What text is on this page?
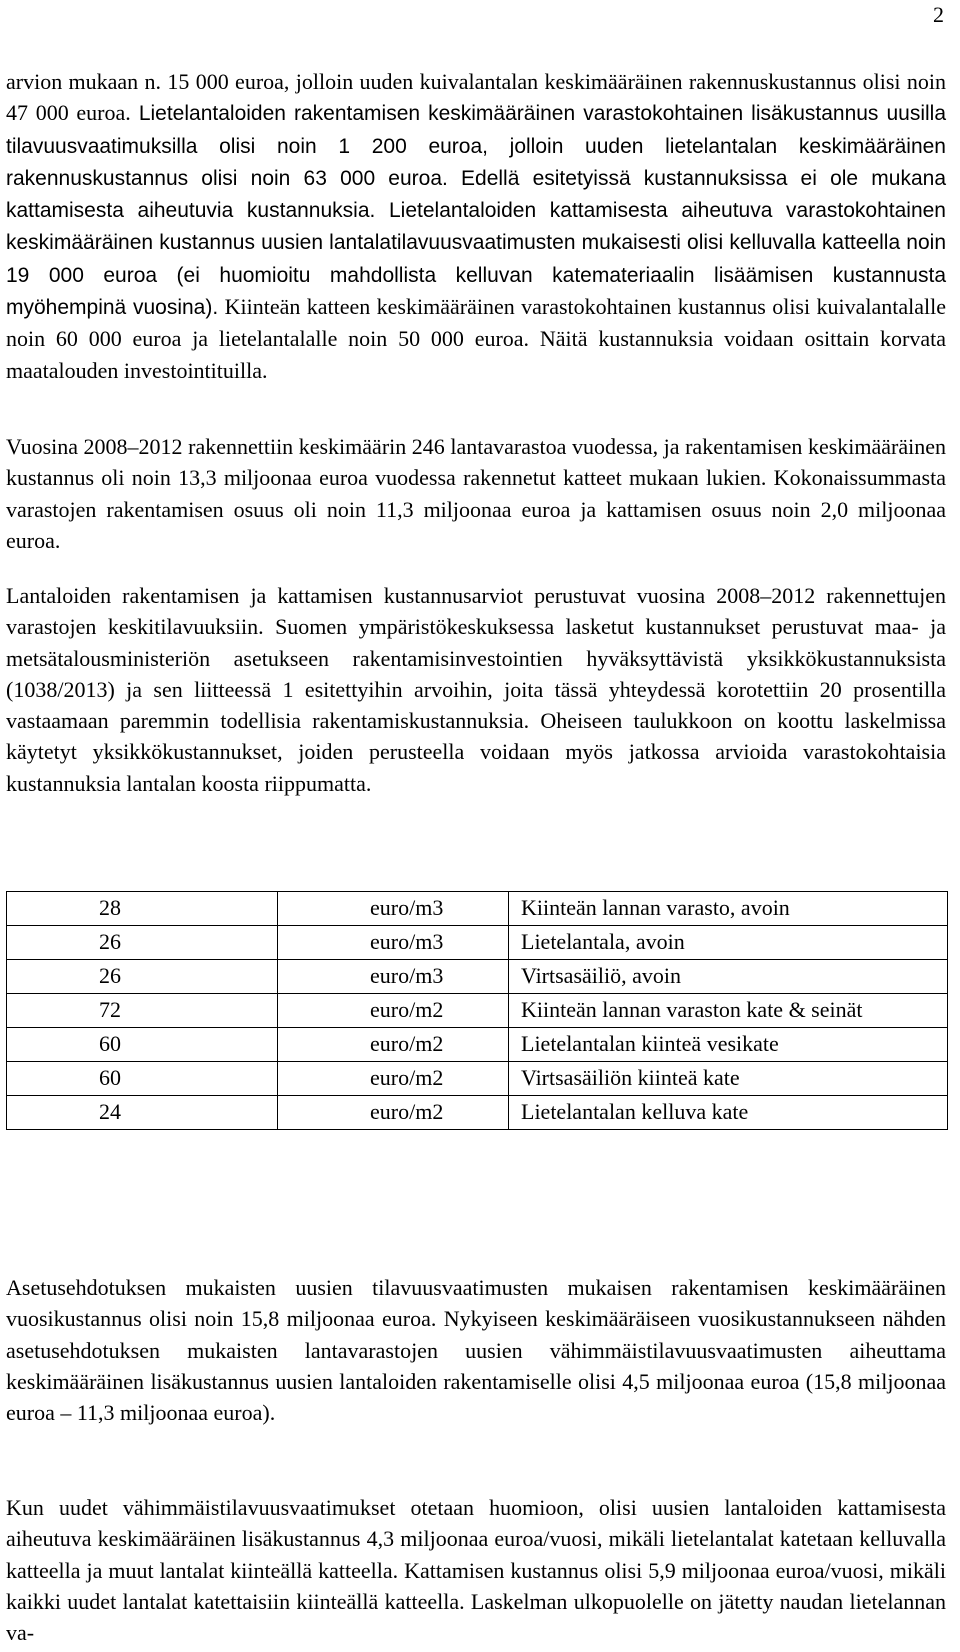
2

arvion mukaan n. 15 000 euroa, jolloin uuden kuivalantalan keskimääräinen rakennuskustannus olisi noin 47 000 euroa. Lietelantaloiden rakentamisen keskimääräinen varastokohtainen lisäkustannus uusilla tilavuusvaatimuksilla olisi noin 1 200 euroa, jolloin uuden lietelantalan keskimääräinen rakennuskustannus olisi noin 63 000 euroa. Edellä esitetyissä kustannuksissa ei ole mukana kattamisesta aiheutuvia kustannuksia. Lietelantaloiden kattamisesta aiheutuva varastokohtainen keskimääräinen kustannus uusien lantalatilavuusvaatimusten mukaisesti olisi kelluvalla katteella noin 19 000 euroa (ei huomioitu mahdollista kelluvan katemateriaalin lisäämisen kustannusta myöhempinä vuosina). Kiinteän katteen keskimääräinen varastokohtainen kustannus olisi kuivalantalalle noin 60 000 euroa ja lietelantalalle noin 50 000 euroa. Näitä kustannuksia voidaan osittain korvata maatalouden investointituilla.

Vuosina 2008–2012 rakennettiin keskimäärin 246 lantavarastoa vuodessa, ja rakentamisen keskimääräinen kustannus oli noin 13,3 miljoonaa euroa vuodessa rakennetut katteet mukaan lukien. Kokonaissummasta varastojen rakentamisen osuus oli noin 11,3 miljoonaa euroa ja kattamisen osuus noin 2,0 miljoonaa euroa.

Lantaloiden rakentamisen ja kattamisen kustannusarviot perustuvat vuosina 2008–2012 rakennettujen varastojen keskitilavuuksiin. Suomen ympäristökeskuksessa lasketut kustannukset perustuvat maa- ja metsätalousministeriön asetukseen rakentamisinvestointien hyväksyttävistä yksikkökustannuksista (1038/2013) ja sen liitteessä 1 esitettyihin arvoihin, joita tässä yhteydessä korotettiin 20 prosentilla vastaamaan paremmin todellisia rakentamiskustannuksia. Oheiseen taulukkoon on koottu laskelmissa käytetyt yksikkökustannukset, joiden perusteella voidaan myös jatkossa arvioida varastokohtaisia kustannuksia lantalan koosta riippumatta.

28	euro/m3	Kiinteän lannan varasto, avoin
26	euro/m3	Lietelantala, avoin
26	euro/m3	Virtsasäiliö, avoin
72	euro/m2	Kiinteän lannan varaston kate & seinät
60	euro/m2	Lietelantalan kiinteä vesikate
60	euro/m2	Virtsasäiliön kiinteä kate
24	euro/m2	Lietelantalan kelluva kate

Asetusehdotuksen mukaisten uusien tilavuusvaatimusten mukaisen rakentamisen keskimääräinen vuosikustannus olisi noin 15,8 miljoonaa euroa. Nykyiseen keskimääräiseen vuosikustannukseen nähden asetusehdotuksen mukaisten lantavarastojen uusien vähimmäistilavuusvaatimusten aiheuttama keskimääräinen lisäkustannus uusien lantaloiden rakentamiselle olisi 4,5 miljoonaa euroa (15,8 miljoonaa euroa – 11,3 miljoonaa euroa).

Kun uudet vähimmäistilavuusvaatimukset otetaan huomioon, olisi uusien lantaloiden kattamisesta aiheutuva keskimääräinen lisäkustannus 4,3 miljoonaa euroa/vuosi, mikäli lietelantalat katetaan kelluvalla katteella ja muut lantalat kiinteällä katteella. Kattamisen kustannus olisi 5,9 miljoonaa euroa/vuosi, mikäli kaikki uudet lantalat katettaisiin kiinteällä katteella. Laskelman ulkopuolelle on jätetty naudan lietelannan va-
